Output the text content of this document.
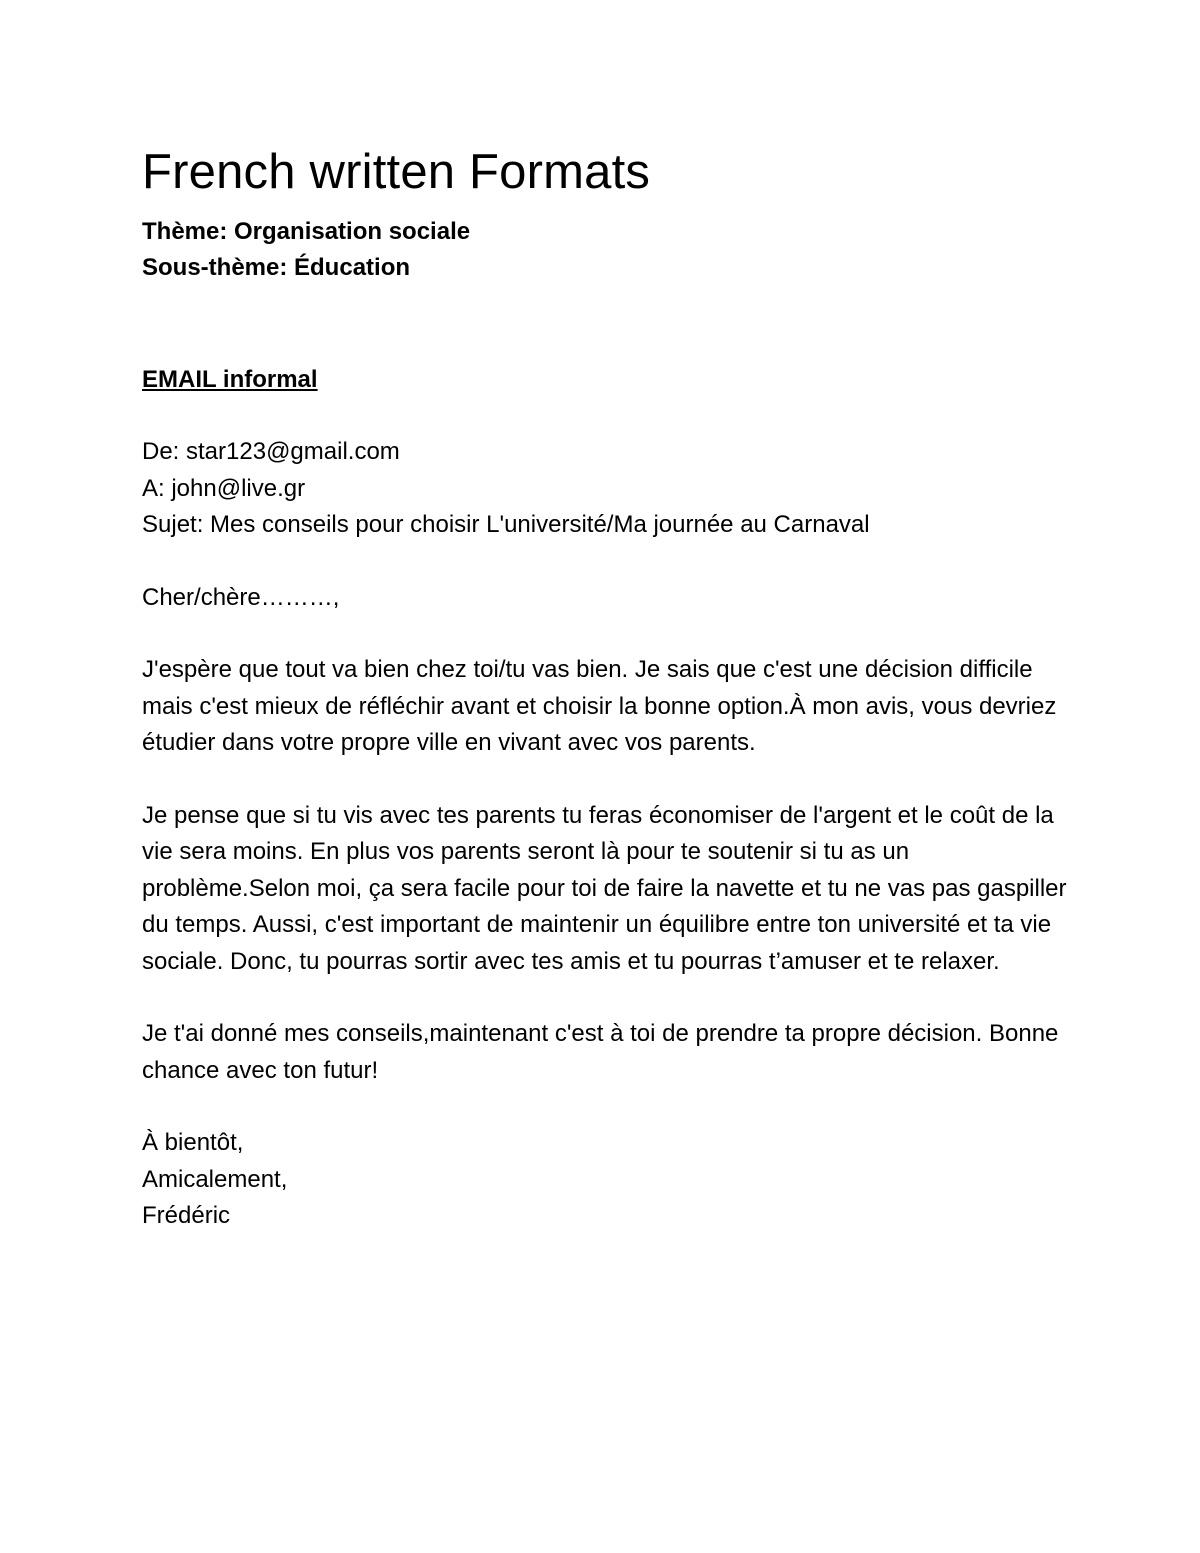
French written Formats
Thème: Organisation sociale
Sous-thème: Éducation
EMAIL informal
De: star123@gmail.com
A: john@live.gr
Sujet: Mes conseils pour choisir L'université/Ma journée au Carnaval

Cher/chère………,

J'espère que tout va bien chez toi/tu vas bien. Je sais que c'est une décision difficile mais c'est mieux de réfléchir avant et choisir la bonne option.À mon avis, vous devriez étudier dans votre propre ville en vivant avec vos parents.

Je pense que si tu vis avec tes parents tu feras économiser de l'argent et le coût de la vie sera moins. En plus vos parents seront là pour te soutenir si tu as un problème.Selon moi, ça sera facile pour toi de faire la navette et tu ne vas pas gaspiller du temps. Aussi, c'est important de maintenir un équilibre entre ton université et ta vie sociale. Donc, tu pourras sortir avec tes amis et tu pourras t’amuser et te relaxer.

Je t'ai donné mes conseils,maintenant c'est à toi de prendre ta propre décision. Bonne chance avec ton futur!

À bientôt,
Amicalement,
Frédéric
